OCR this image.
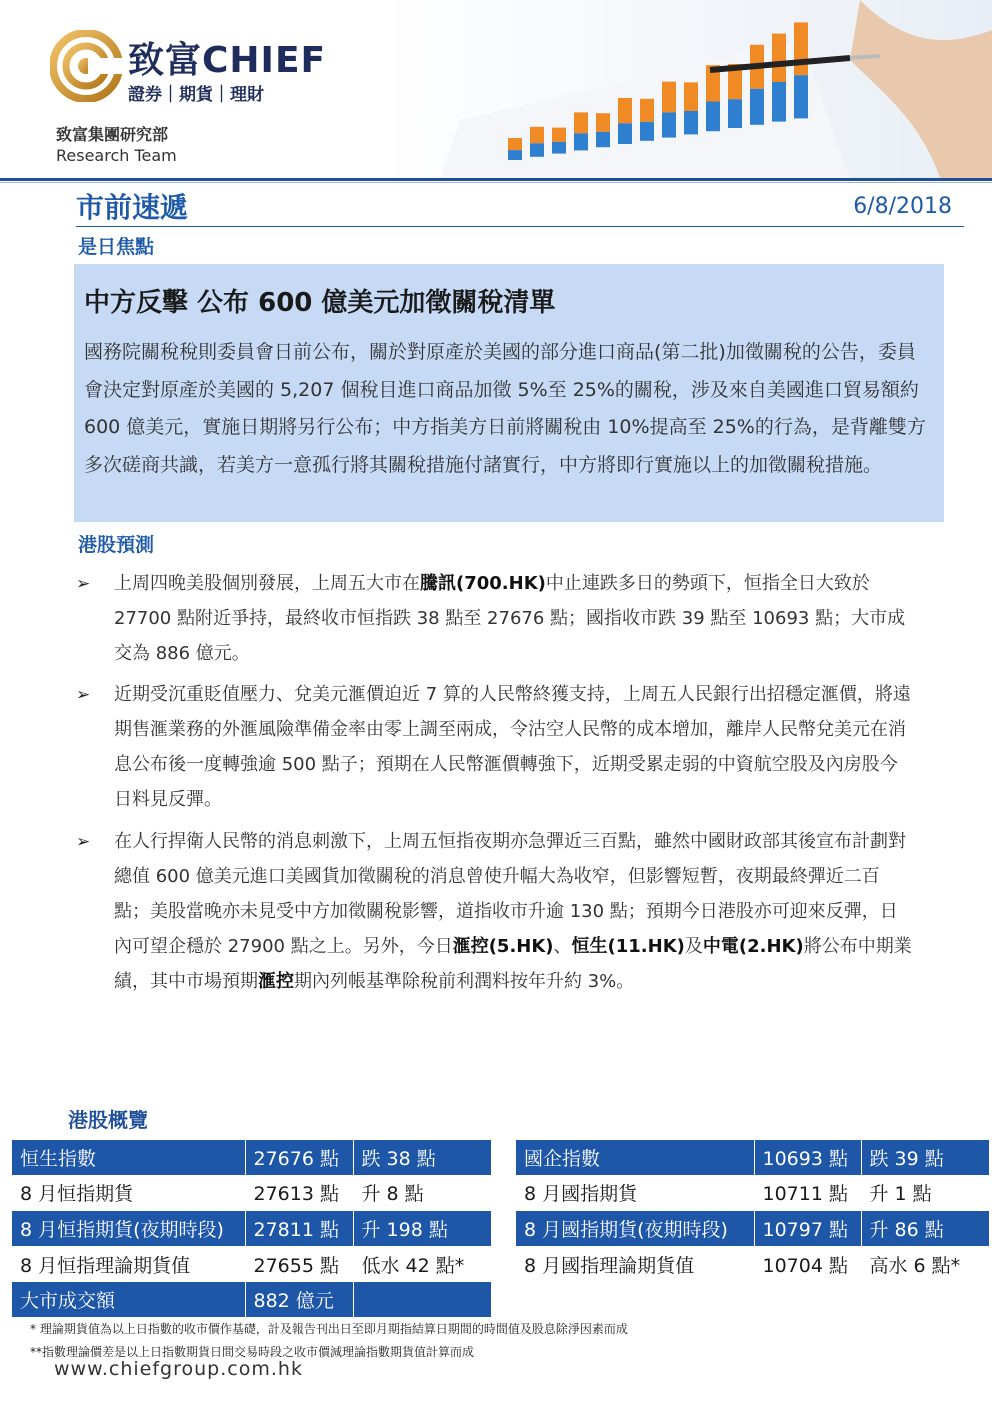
致富CHIEF
證券｜期貨｜理財
致富集團研究部
Research Team
市前速遞	6/8/2018
是日焦點
中方反擊 公布 600 億美元加徵關稅清單
國務院關稅稅則委員會日前公布，關於對原產於美國的部分進口商品(第二批)加徵關稅的公告，委員會決定對原產於美國的 5,207 個稅目進口商品加徵 5%至 25%的關稅，涉及來自美國進口貿易額約 600 億美元，實施日期將另行公布；中方指美方日前將關稅由 10%提高至 25%的行為，是背離雙方多次磋商共識，若美方一意孤行將其關稅措施付諸實行，中方將即行實施以上的加徵關稅措施。
港股預測
➢ 上周四晚美股個別發展，上周五大市在騰訊(700.HK)中止連跌多日的勢頭下，恒指全日大致於 27700 點附近爭持，最終收市恒指跌 38 點至 27676 點；國指收市跌 39 點至 10693 點；大市成交為 886 億元。
➢ 近期受沉重貶值壓力、兌美元滙價迫近 7 算的人民幣終獲支持，上周五人民銀行出招穩定滙價，將遠期售滙業務的外滙風險準備金率由零上調至兩成，令沽空人民幣的成本增加，離岸人民幣兌美元在消息公布後一度轉強逾 500 點子；預期在人民幣滙價轉強下，近期受累走弱的中資航空股及內房股今日料見反彈。
➢ 在人行捍衛人民幣的消息刺激下，上周五恒指夜期亦急彈近三百點，雖然中國財政部其後宣布計劃對總值 600 億美元進口美國貨加徵關稅的消息曾使升幅大為收窄，但影響短暫，夜期最終彈近二百點；美股當晚亦未見受中方加徵關稅影響，道指收市升逾 130 點；預期今日港股亦可迎來反彈，日內可望企穩於 27900 點之上。另外，今日滙控(5.HK)、恒生(11.HK)及中電(2.HK)將公布中期業績，其中市場預期滙控期內列帳基準除稅前利潤料按年升約 3%。
港股概覽
恒生指數	27676 點	跌 38 點
8 月恒指期貨	27613 點	升 8 點
8 月恒指期貨(夜期時段)	27811 點	升 198 點
8 月恒指理論期貨值	27655 點	低水 42 點*
大市成交額	882 億元	
國企指數	10693 點	跌 39 點
8 月國指期貨	10711 點	升 1 點
8 月國指期貨(夜期時段)	10797 點	升 86 點
8 月國指理論期貨值	10704 點	高水 6 點*
* 理論期貨值為以上日指數的收市價作基礎，計及報告刊出日至即月期指結算日期間的時間值及股息除淨因素而成
**指數理論價差是以上日指數期貨日間交易時段之收市價減理論指數期貨值計算而成
www.chiefgroup.com.hk
